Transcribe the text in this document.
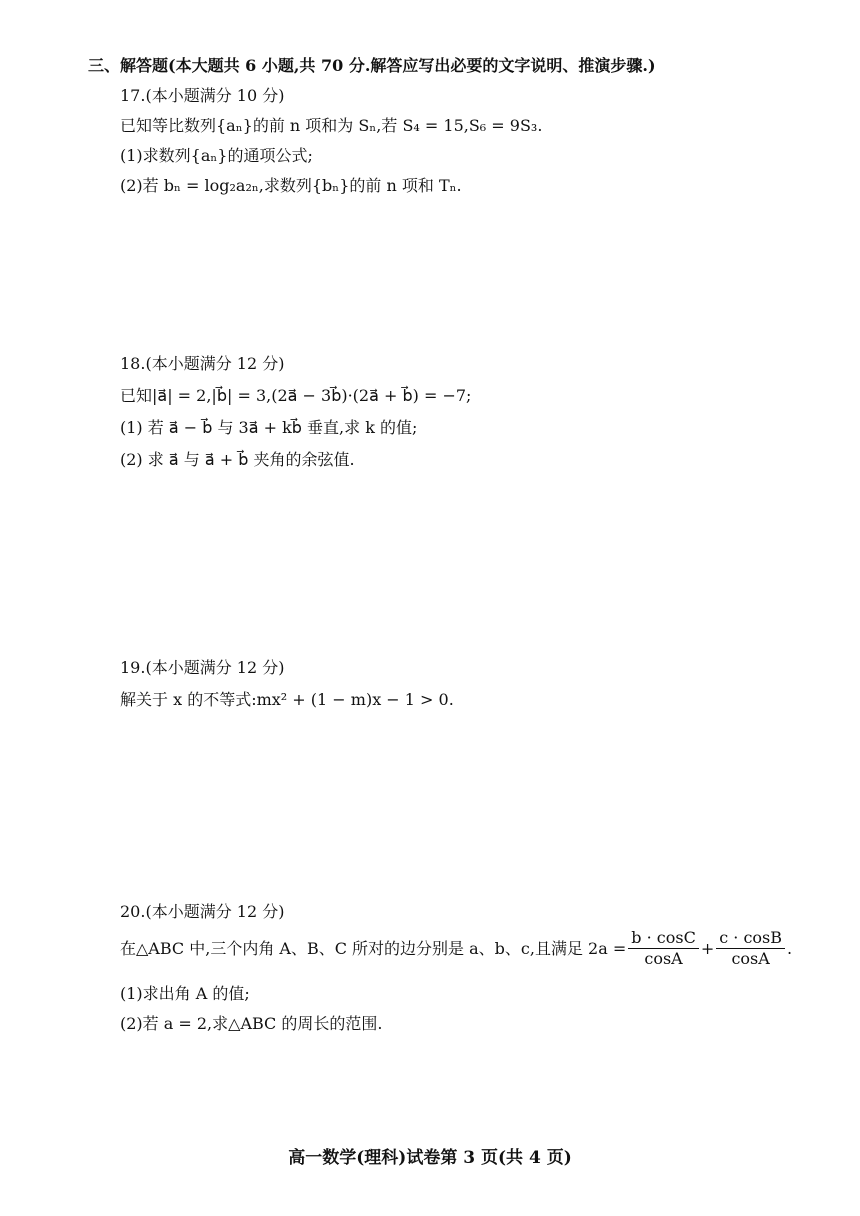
三、解答题(本大题共 6 小题,共 70 分.解答应写出必要的文字说明、推演步骤.)
17.(本小题满分 10 分)
已知等比数列{aₙ}的前 n 项和为 Sₙ,若 S₄ = 15,S₆ = 9S₃.
(1)求数列{aₙ}的通项公式;
(2)若 bₙ = log₂a₂ₙ,求数列{bₙ}的前 n 项和 Tₙ.
18.(本小题满分 12 分)
已知|a⃗| = 2,|b⃗| = 3,(2a⃗ − 3b⃗)·(2a⃗ + b⃗) = −7;
(1) 若 a⃗ − b⃗ 与 3a⃗ + kb⃗ 垂直,求 k 的值;
(2) 求 a⃗ 与 a⃗ + b⃗ 夹角的余弦值.
19.(本小题满分 12 分)
解关于 x 的不等式:mx² + (1 − m)x − 1 > 0.
20.(本小题满分 12 分)
在△ABC 中,三个内角 A、B、C 所对的边分别是 a、b、c,且满足 $2a = \frac{b \cdot \cos C}{\cos A} + \frac{c \cdot \cos B}{\cos A}$ .
(1)求出角 A 的值;
(2)若 a = 2,求△ABC 的周长的范围.
高一数学(理科)试卷第 3 页(共 4 页)
